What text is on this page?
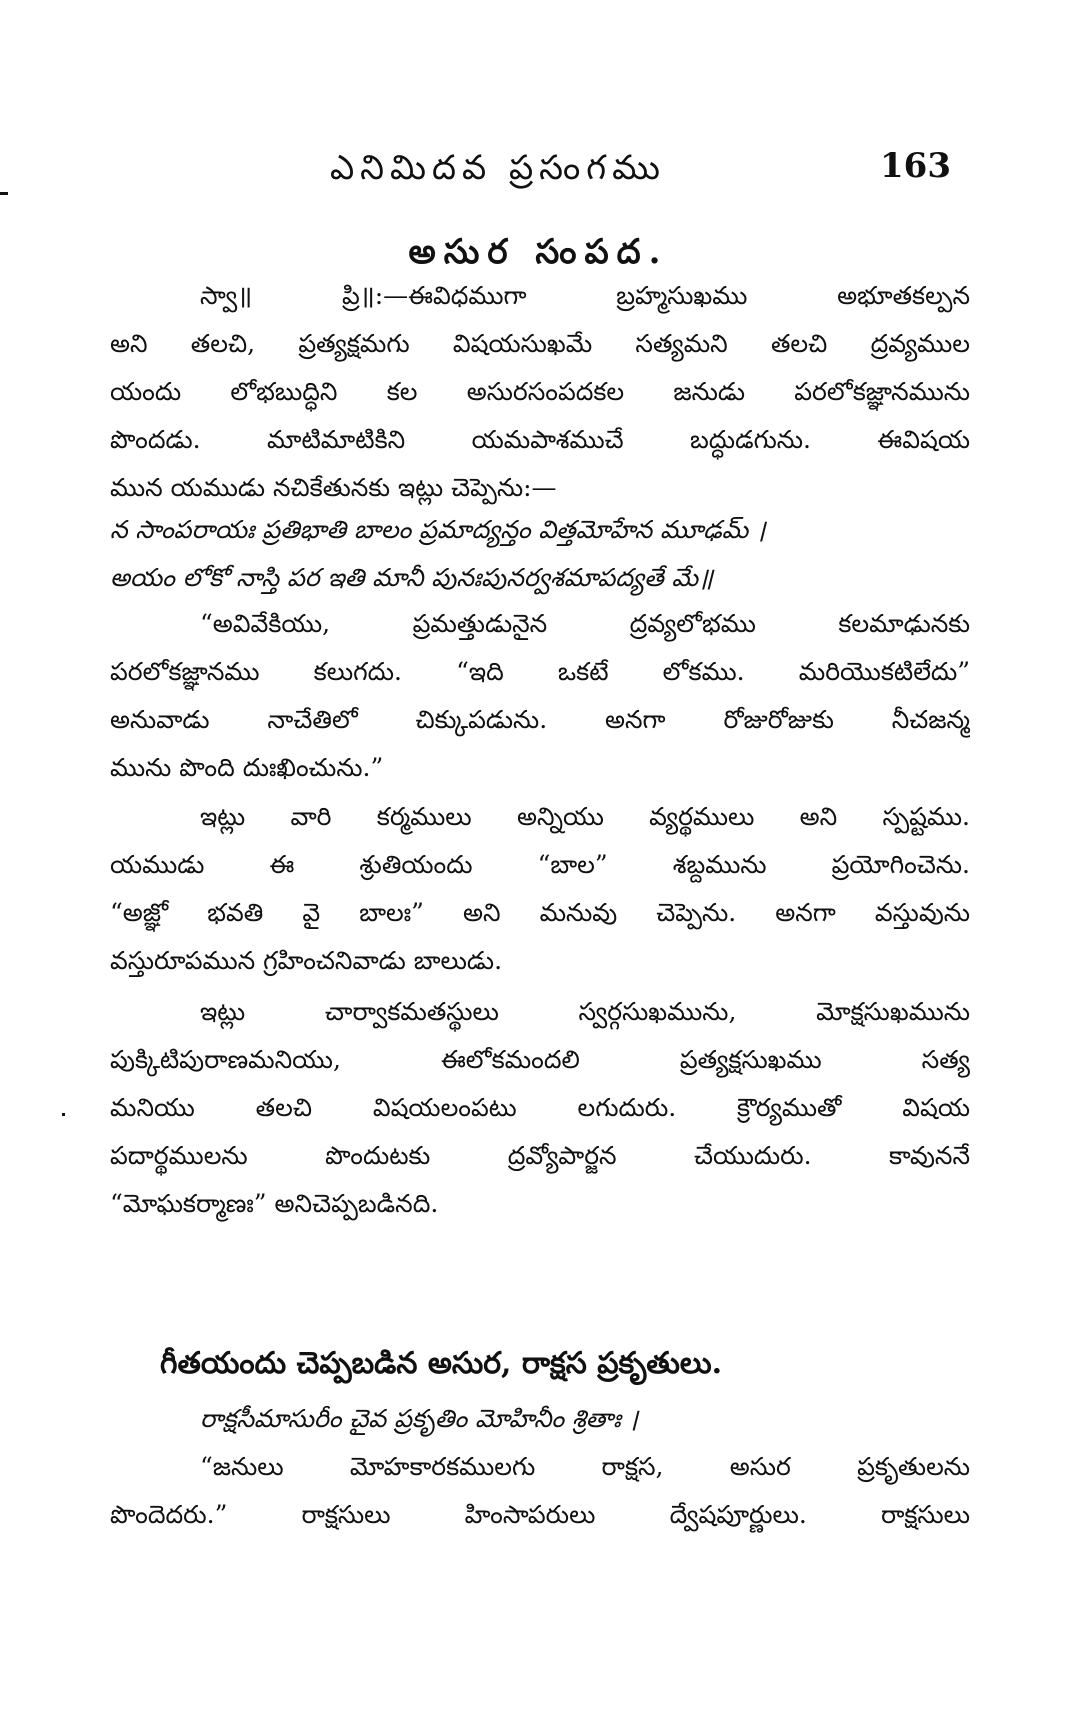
ఎనిమిదవ ప్రసంగము	163
అసుర సంపద.
స్వా॥ ప్రి॥:—ఈవిధముగా బ్రహ్మసుఖము అభూతకల్పన
అని తలచి, ప్రత్యక్షమగు విషయసుఖమే సత్యమని తలచి ద్రవ్యముల
యందు లోభబుద్ధిని కల అసురసంపదకల జనుడు పరలోకజ్ఞానమును
పొందడు. మాటిమాటికిని యమపాశముచే బద్ధుడగును. ఈవిషయ
మున యముడు నచికేతునకు ఇట్లు చెప్పెను:—
న సాంపరాయః ప్రతిభాతి బాలం ప్రమాద్యన్తం విత్తమోహేన మూఢమ్ ।
అయం లోకో నాస్తి పర ఇతి మానీ పునఃపునర్వశమాపద్యతే మే॥
“అవివేకియు, ప్రమత్తుడునైన ద్రవ్యలోభము కలమాఢునకు
పరలోకజ్ఞానము కలుగదు. “ఇది ఒకటే లోకము. మరియొకటిలేదు”
అనువాడు నాచేతిలో చిక్కుపడును. అనగా రోజురోజుకు నీచజన్మ
మును పొంది దుఃఖించును.”
ఇట్లు వారి కర్మములు అన్నియు వ్యర్థములు అని స్పష్టము.
యముడు ఈ శ్రుతియందు “బాల” శబ్దమును ప్రయోగించెను.
“అజ్ఞో భవతి వై బాలః” అని మనువు చెప్పెను. అనగా వస్తువును
వస్తురూపమున గ్రహించనివాడు బాలుడు.
ఇట్లు చార్వాకమతస్థులు స్వర్గసుఖమును, మోక్షసుఖమును
పుక్కిటిపురాణమనియు, ఈలోకమందలి ప్రత్యక్షసుఖము సత్య
మనియు తలచి విషయలంపటు లగుదురు. క్రౌర్యముతో విషయ
పదార్థములను పొందుటకు ద్రవ్యోపార్జన చేయుదురు. కావుననే
“మోఘకర్మాణః” అనిచెప్పబడినది.
గీతయందు చెప్పబడిన అసుర, రాక్షస ప్రకృతులు.
రాక్షసీమాసురీం చైవ ప్రకృతిం మోహినీం శ్రితాః ।
“జనులు మోహకారకములగు రాక్షస, అసుర ప్రకృతులను
పొందెదరు.” రాక్షసులు హింసాపరులు ద్వేషపూర్ణులు. రాక్షసులు
